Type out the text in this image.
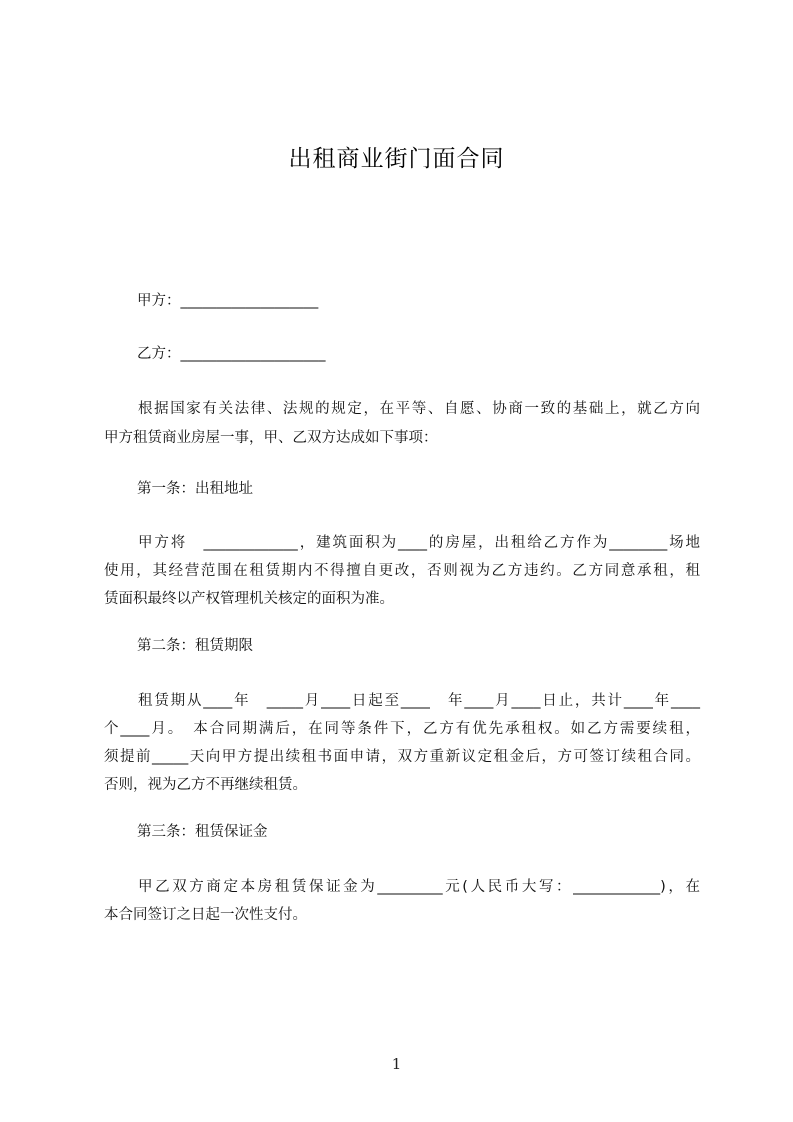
出租商业街门面合同
甲方：___________________
乙方：____________________
根据国家有关法律、法规的规定，在平等、自愿、协商一致的基础上，就乙方向
甲方租赁商业房屋一事，甲、乙双方达成如下事项：
第一条：出租地址
甲方将　_____________，建筑面积为____的房屋，出租给乙方作为________场地
使用，其经营范围在租赁期内不得擅自更改，否则视为乙方违约。乙方同意承租，租
赁面积最终以产权管理机关核定的面积为准。
第二条：租赁期限
租赁期从____年　_____月____日起至____　年____月____日止，共计____年____
个____月。　本合同期满后，在同等条件下，乙方有优先承租权。如乙方需要续租，
须提前_____天向甲方提出续租书面申请，双方重新议定租金后，方可签订续租合同。
否则，视为乙方不再继续租赁。
第三条：租赁保证金
甲乙双方商定本房租赁保证金为_________元(人民币大写：____________)，在
本合同签订之日起一次性支付。
1
